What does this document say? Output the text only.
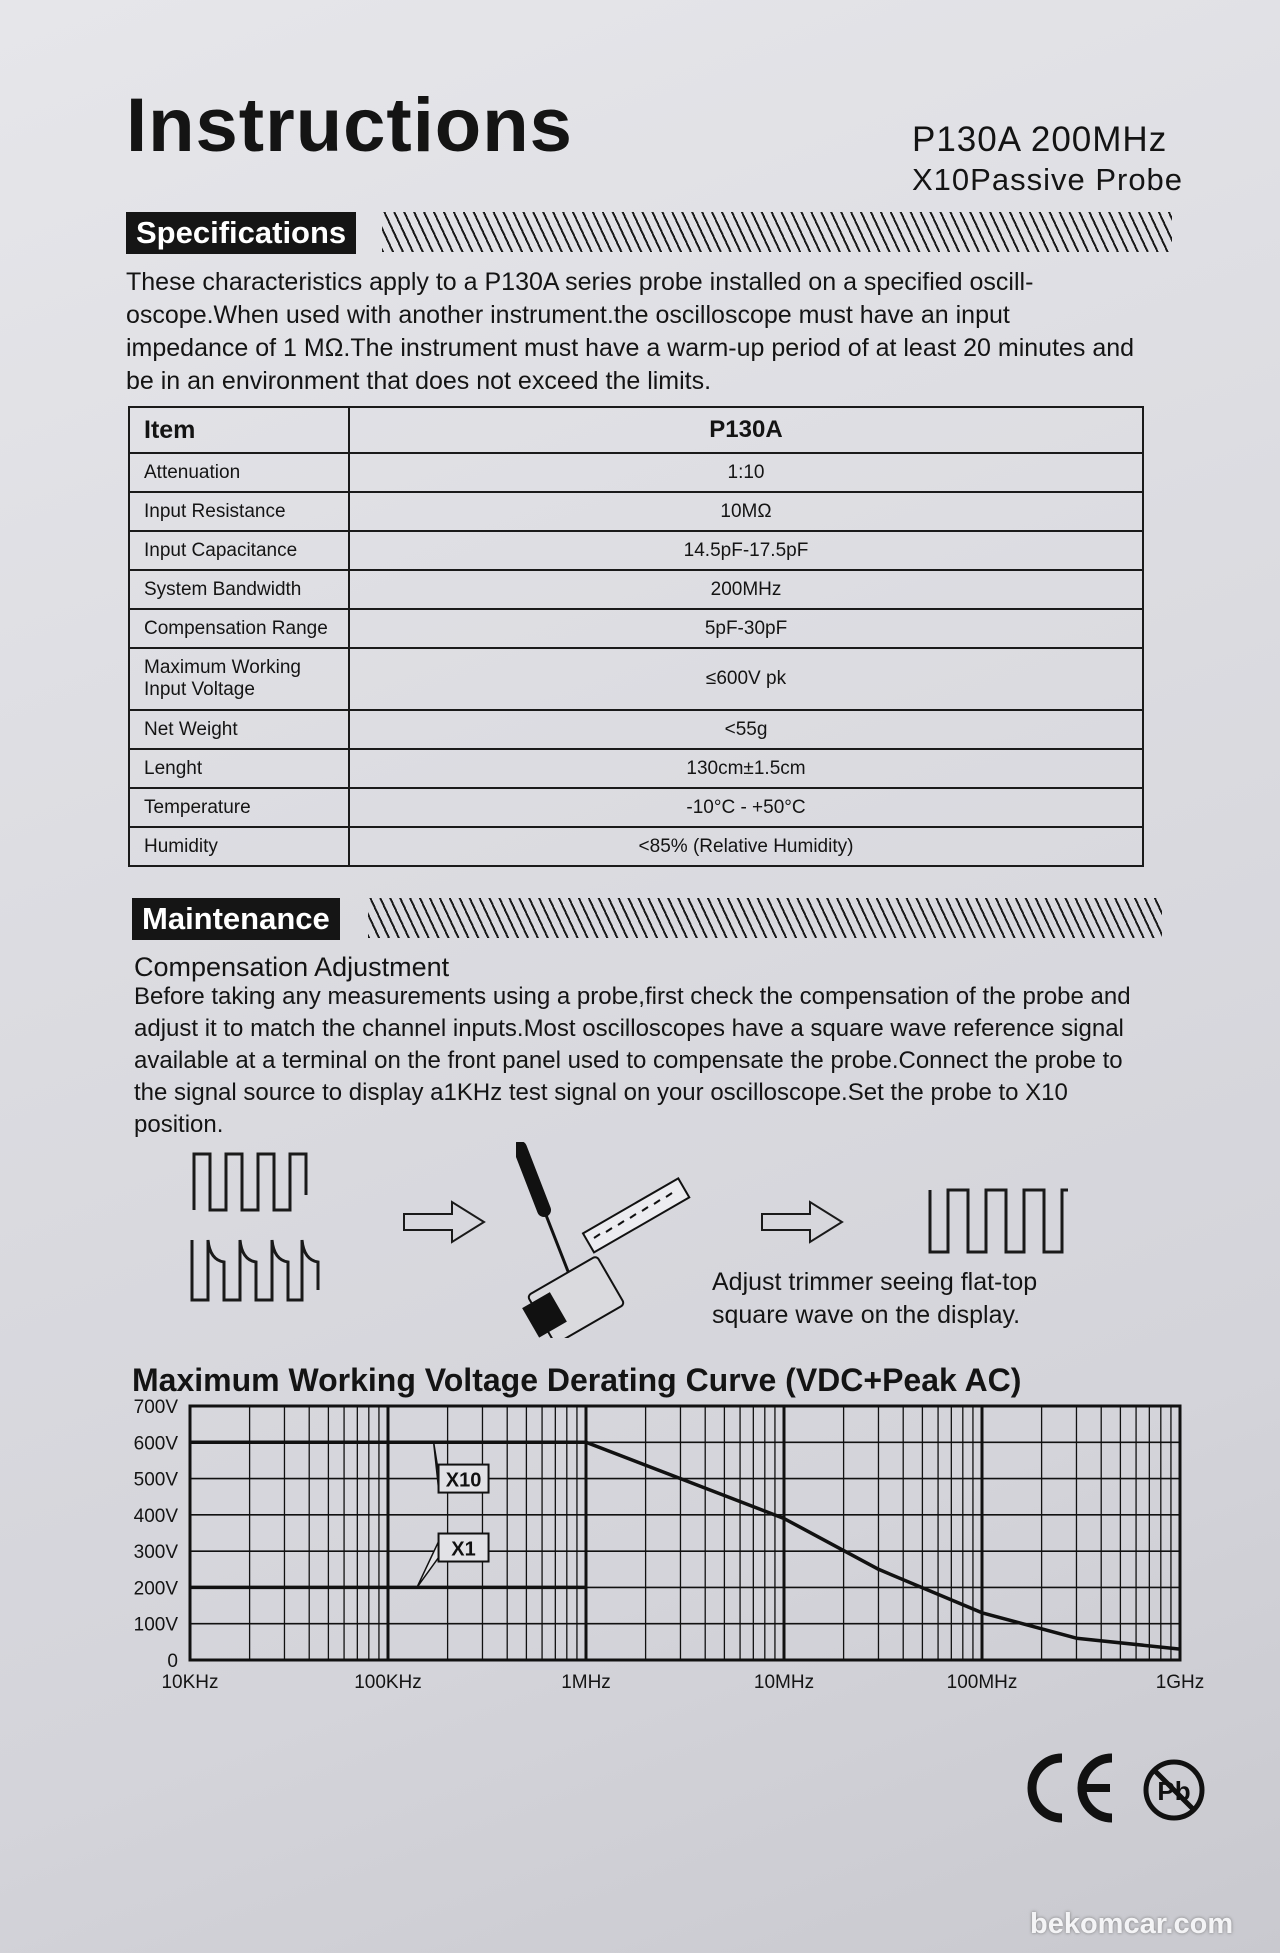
Instructions	P130A 200MHz
X10Passive Probe
Specifications
These characteristics apply to a P130A series probe installed on a specified oscill- oscope.When used with another instrument.the oscilloscope must have an input impedance of 1 MΩ.The instrument must have a warm-up period of at least 20 minutes and be in an environment that does not exceed the limits.
Item	P130A
Attenuation	1:10
Input Resistance	10MΩ
Input Capacitance	14.5pF-17.5pF
System Bandwidth	200MHz
Compensation Range	5pF-30pF
Maximum Working Input Voltage	≤600V pk
Net Weight	<55g
Lenght	130cm±1.5cm
Temperature	-10°C - +50°C
Humidity	<85% (Relative Humidity)
Maintenance
Compensation Adjustment
Before taking any measurements using a probe,first check the compensation of the probe and adjust it to match the channel inputs.Most oscilloscopes have a square wave reference signal available at a terminal on the front panel used to compensate the probe.Connect the probe to the signal source to display a1KHz test signal on your oscilloscope.Set the probe to X10 position.
Adjust trimmer seeing flat-top
square wave on the display.
Maximum Working Voltage Derating Curve (VDC+Peak AC)
700V
600V
500V
400V
300V
200V
100V
0
10KHz	100KHz	1MHz	10MHz	100MHz	1GHz
X10
X1
Pb
bekomcar.com
